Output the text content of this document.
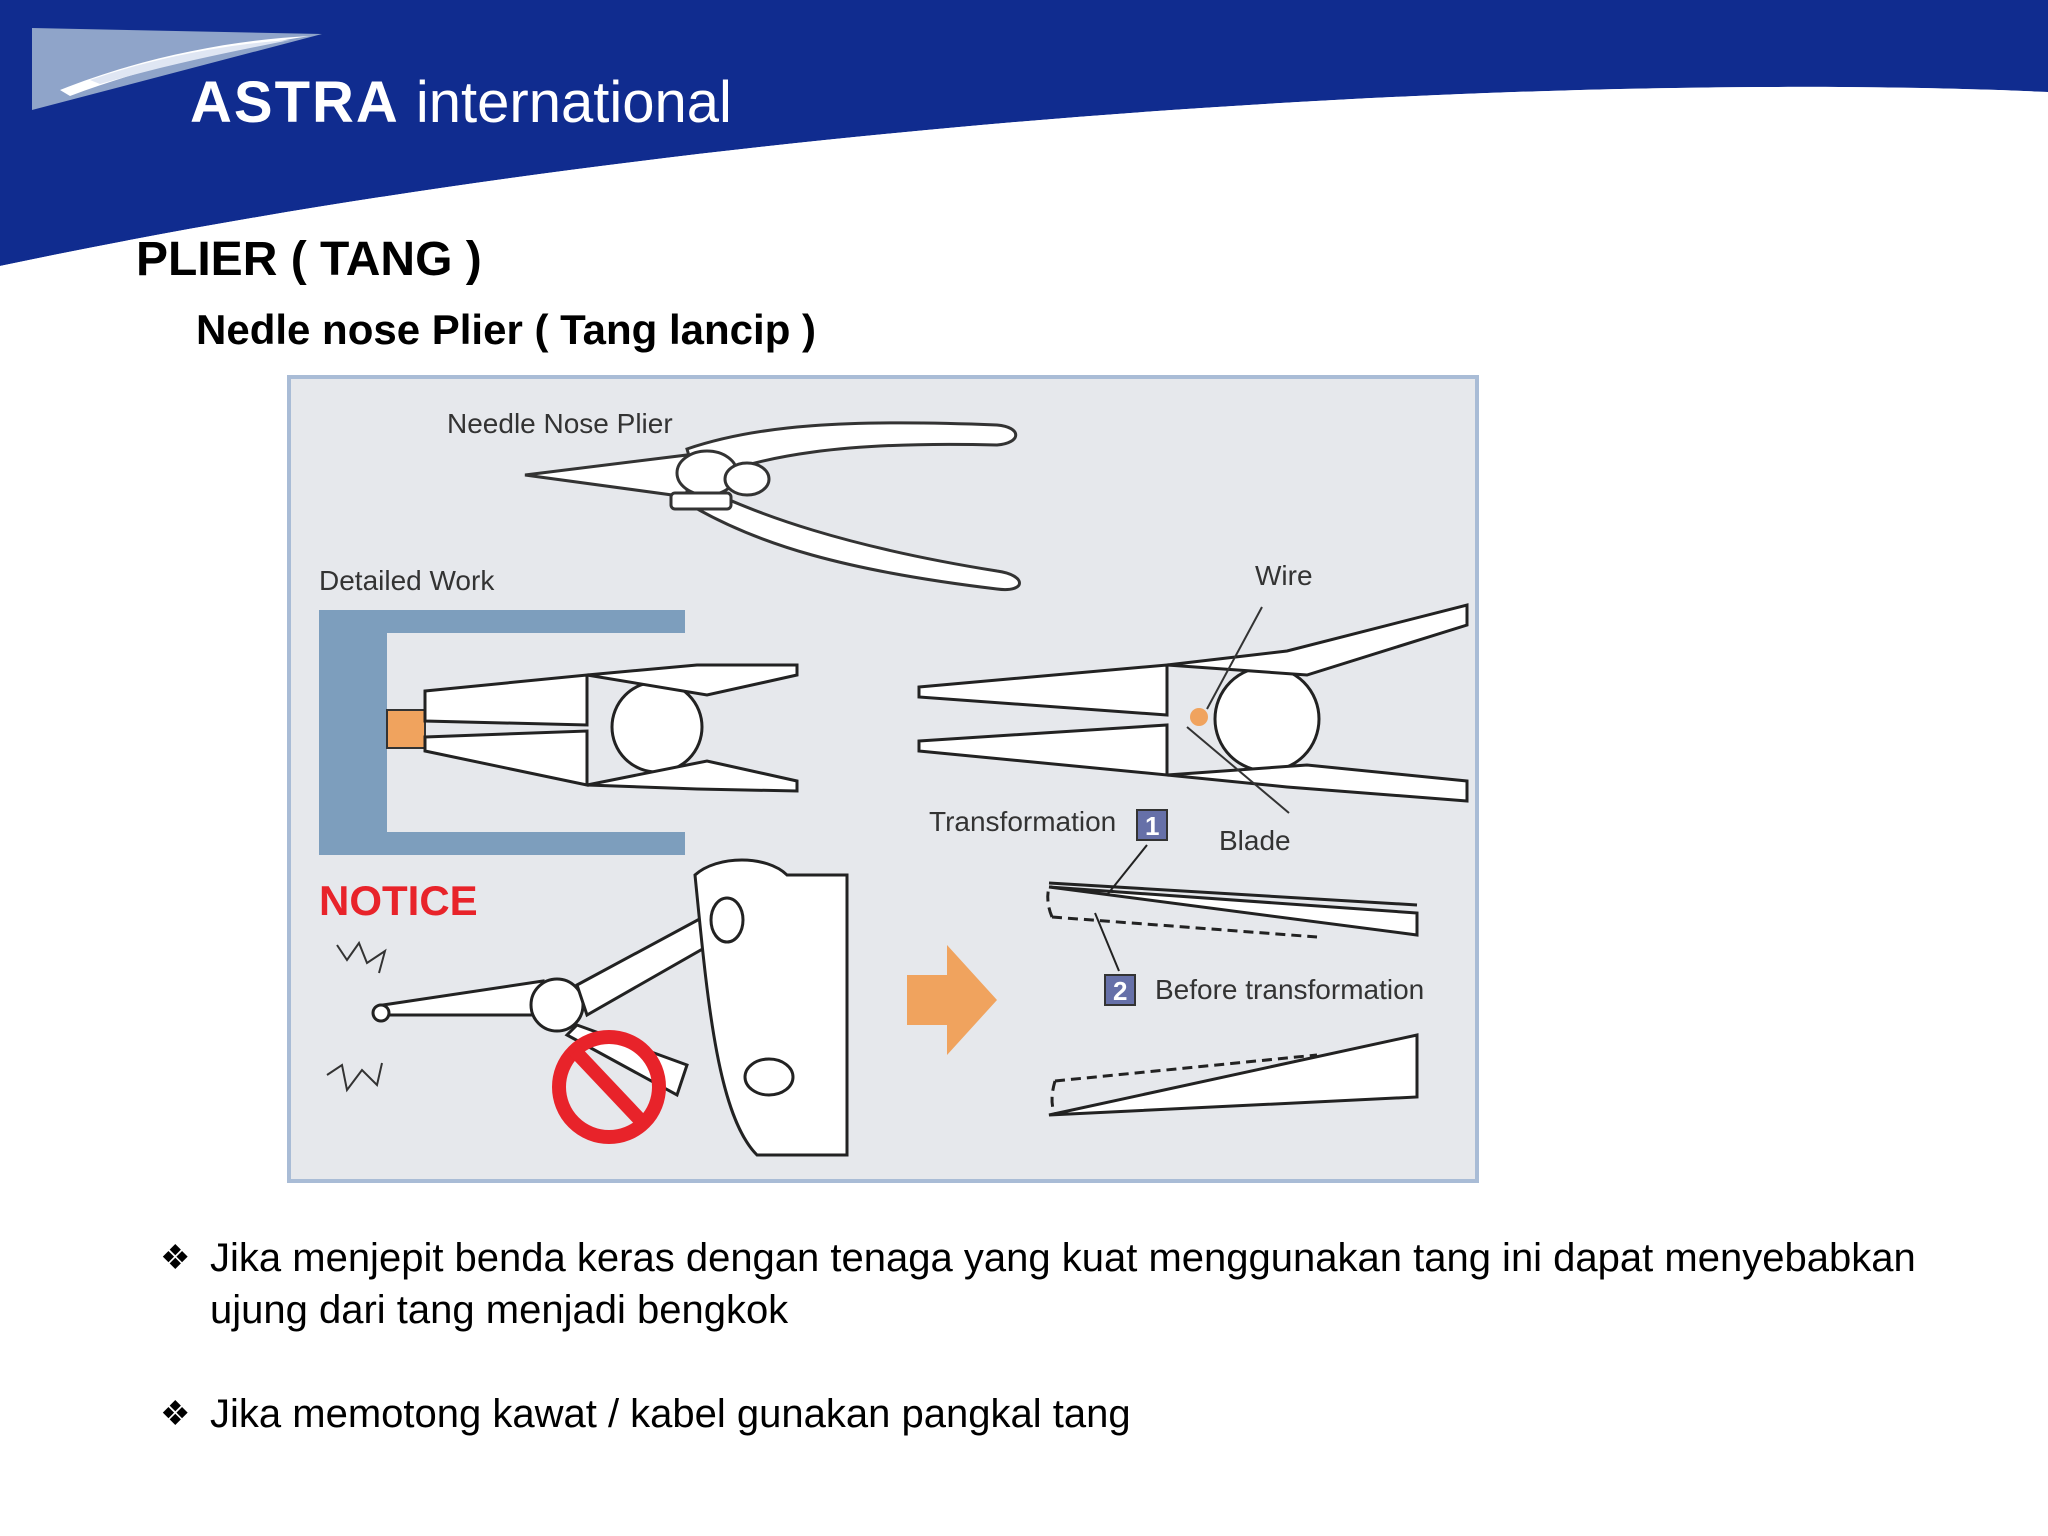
ASTRA international
PLIER ( TANG )
Nedle nose Plier ( Tang lancip )
Needle Nose Plier
Detailed Work	Wire
Blade
Transformation 1
2 Before transformation
NOTICE
❖ Jika menjepit benda keras dengan tenaga yang kuat menggunakan tang ini dapat menyebabkan ujung dari tang menjadi bengkok
❖ Jika memotong kawat / kabel gunakan pangkal tang
